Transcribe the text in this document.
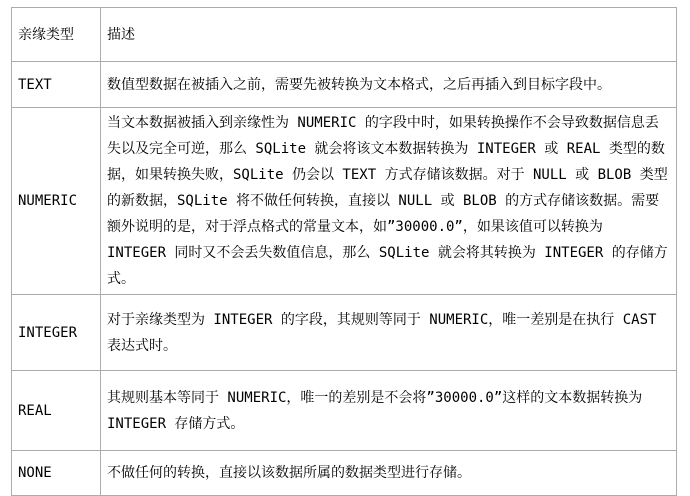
亲缘类型	描述
TEXT	数值型数据在被插入之前，需要先被转换为文本格式，之后再插入到目标字段中。
NUMERIC	当文本数据被插入到亲缘性为 NUMERIC 的字段中时，如果转换操作不会导致数据信息丢失以及完全可逆，那么 SQLite 就会将该文本数据转换为 INTEGER 或 REAL 类型的数据，如果转换失败，SQLite 仍会以 TEXT 方式存储该数据。对于 NULL 或 BLOB 类型的新数据，SQLite 将不做任何转换，直接以 NULL 或 BLOB 的方式存储该数据。需要额外说明的是，对于浮点格式的常量文本，如”30000.0”，如果该值可以转换为 INTEGER 同时又不会丢失数值信息，那么 SQLite 就会将其转换为 INTEGER 的存储方式。
INTEGER	对于亲缘类型为 INTEGER 的字段，其规则等同于 NUMERIC，唯一差别是在执行 CAST 表达式时。
REAL	其规则基本等同于 NUMERIC，唯一的差别是不会将”30000.0”这样的文本数据转换为 INTEGER 存储方式。
NONE	不做任何的转换，直接以该数据所属的数据类型进行存储。
